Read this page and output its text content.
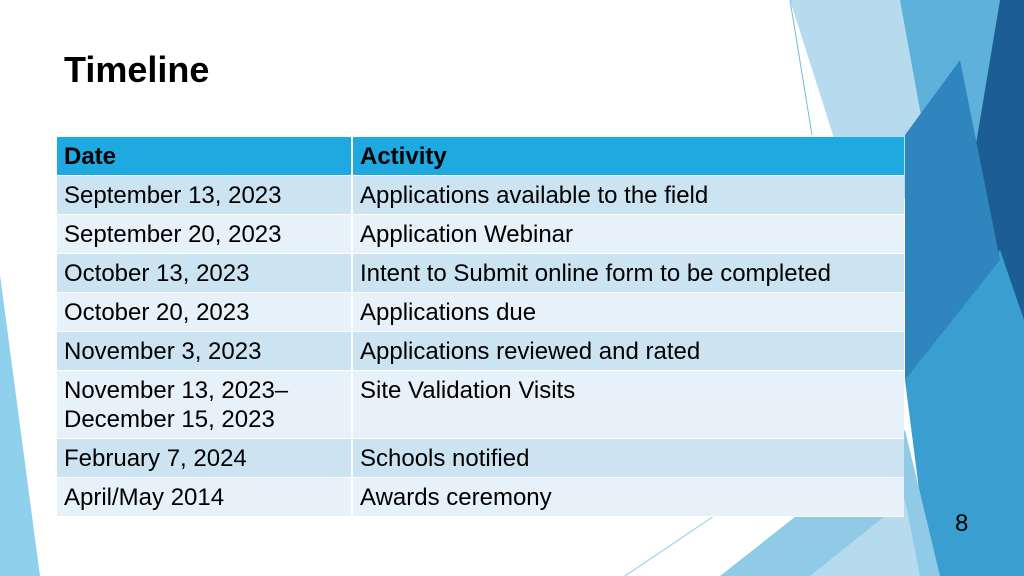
Timeline
Date	Activity
September 13, 2023	Applications available to the field
September 20, 2023	Application Webinar
October 13, 2023	Intent to Submit online form to be completed
October 20, 2023	Applications due
November 3, 2023	Applications reviewed and rated

November 13, 2023–
December 15, 2023	Site Validation Visits
February 7, 2024	Schools notified
April/May 2014	Awards ceremony
8
